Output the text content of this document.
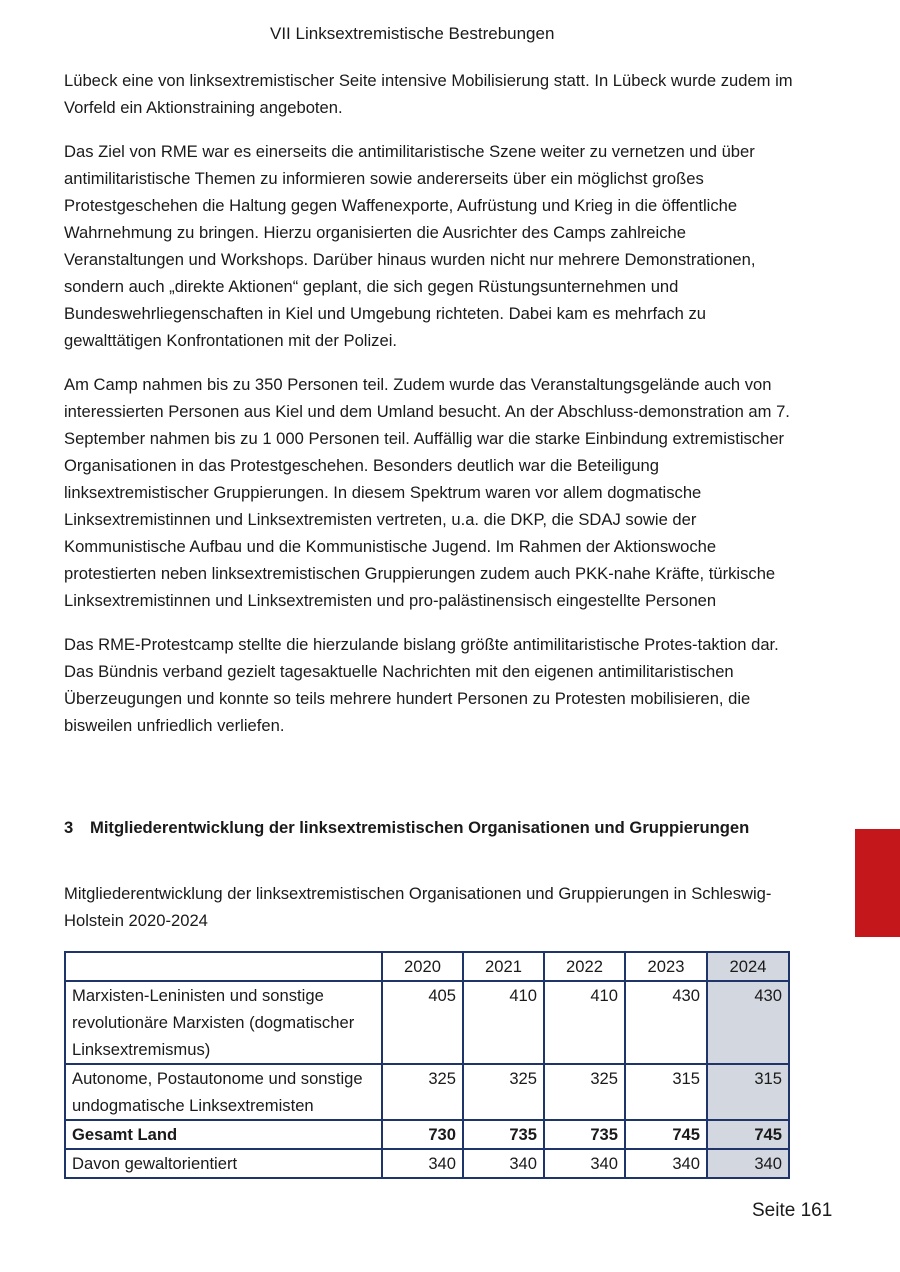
VII Linksextremistische Bestrebungen

Lübeck eine von linksextremistischer Seite intensive Mobilisierung statt. In Lübeck wurde zudem im Vorfeld ein Aktionstraining angeboten.

Das Ziel von RME war es einerseits die antimilitaristische Szene weiter zu vernetzen und über antimilitaristische Themen zu informieren sowie andererseits über ein möglichst großes Protestgeschehen die Haltung gegen Waffenexporte, Aufrüstung und Krieg in die öffentliche Wahrnehmung zu bringen. Hierzu organisierten die Ausrichter des Camps zahlreiche Veranstaltungen und Workshops. Darüber hinaus wurden nicht nur mehrere Demonstrationen, sondern auch „direkte Aktionen“ geplant, die sich gegen Rüstungsunternehmen und Bundeswehrliegenschaften in Kiel und Umgebung richteten. Dabei kam es mehrfach zu gewalttätigen Konfrontationen mit der Polizei.

Am Camp nahmen bis zu 350 Personen teil. Zudem wurde das Veranstaltungsgelände auch von interessierten Personen aus Kiel und dem Umland besucht. An der Abschluss-demonstration am 7. September nahmen bis zu 1 000 Personen teil. Auffällig war die starke Einbindung extremistischer Organisationen in das Protestgeschehen. Besonders deutlich war die Beteiligung linksextremistischer Gruppierungen. In diesem Spektrum waren vor allem dogmatische Linksextremistinnen und Linksextremisten vertreten, u.a. die DKP, die SDAJ sowie der Kommunistische Aufbau und die Kommunistische Jugend. Im Rahmen der Aktionswoche protestierten neben linksextremistischen Gruppierungen zudem auch PKK-nahe Kräfte, türkische Linksextremistinnen und Linksextremisten und pro-palästinensisch eingestellte Personen

Das RME-Protestcamp stellte die hierzulande bislang größte antimilitaristische Protes-taktion dar. Das Bündnis verband gezielt tagesaktuelle Nachrichten mit den eigenen antimilitaristischen Überzeugungen und konnte so teils mehrere hundert Personen zu Protesten mobilisieren, die bisweilen unfriedlich verliefen.

3	Mitgliederentwicklung der linksextremistischen Organisationen und Gruppierungen

Mitgliederentwicklung der linksextremistischen Organisationen und Gruppierungen in Schleswig-Holstein 2020-2024

	2020	2021	2022	2023	2024
Marxisten-Leninisten und sonstige revolutionäre Marxisten (dogmatischer Linksextremismus)	405	410	410	430	430
Autonome, Postautonome und sonstige undogmatische Linksextremisten	325	325	325	315	315
Gesamt Land	730	735	735	745	745
Davon gewaltorientiert	340	340	340	340	340
Seite 161
